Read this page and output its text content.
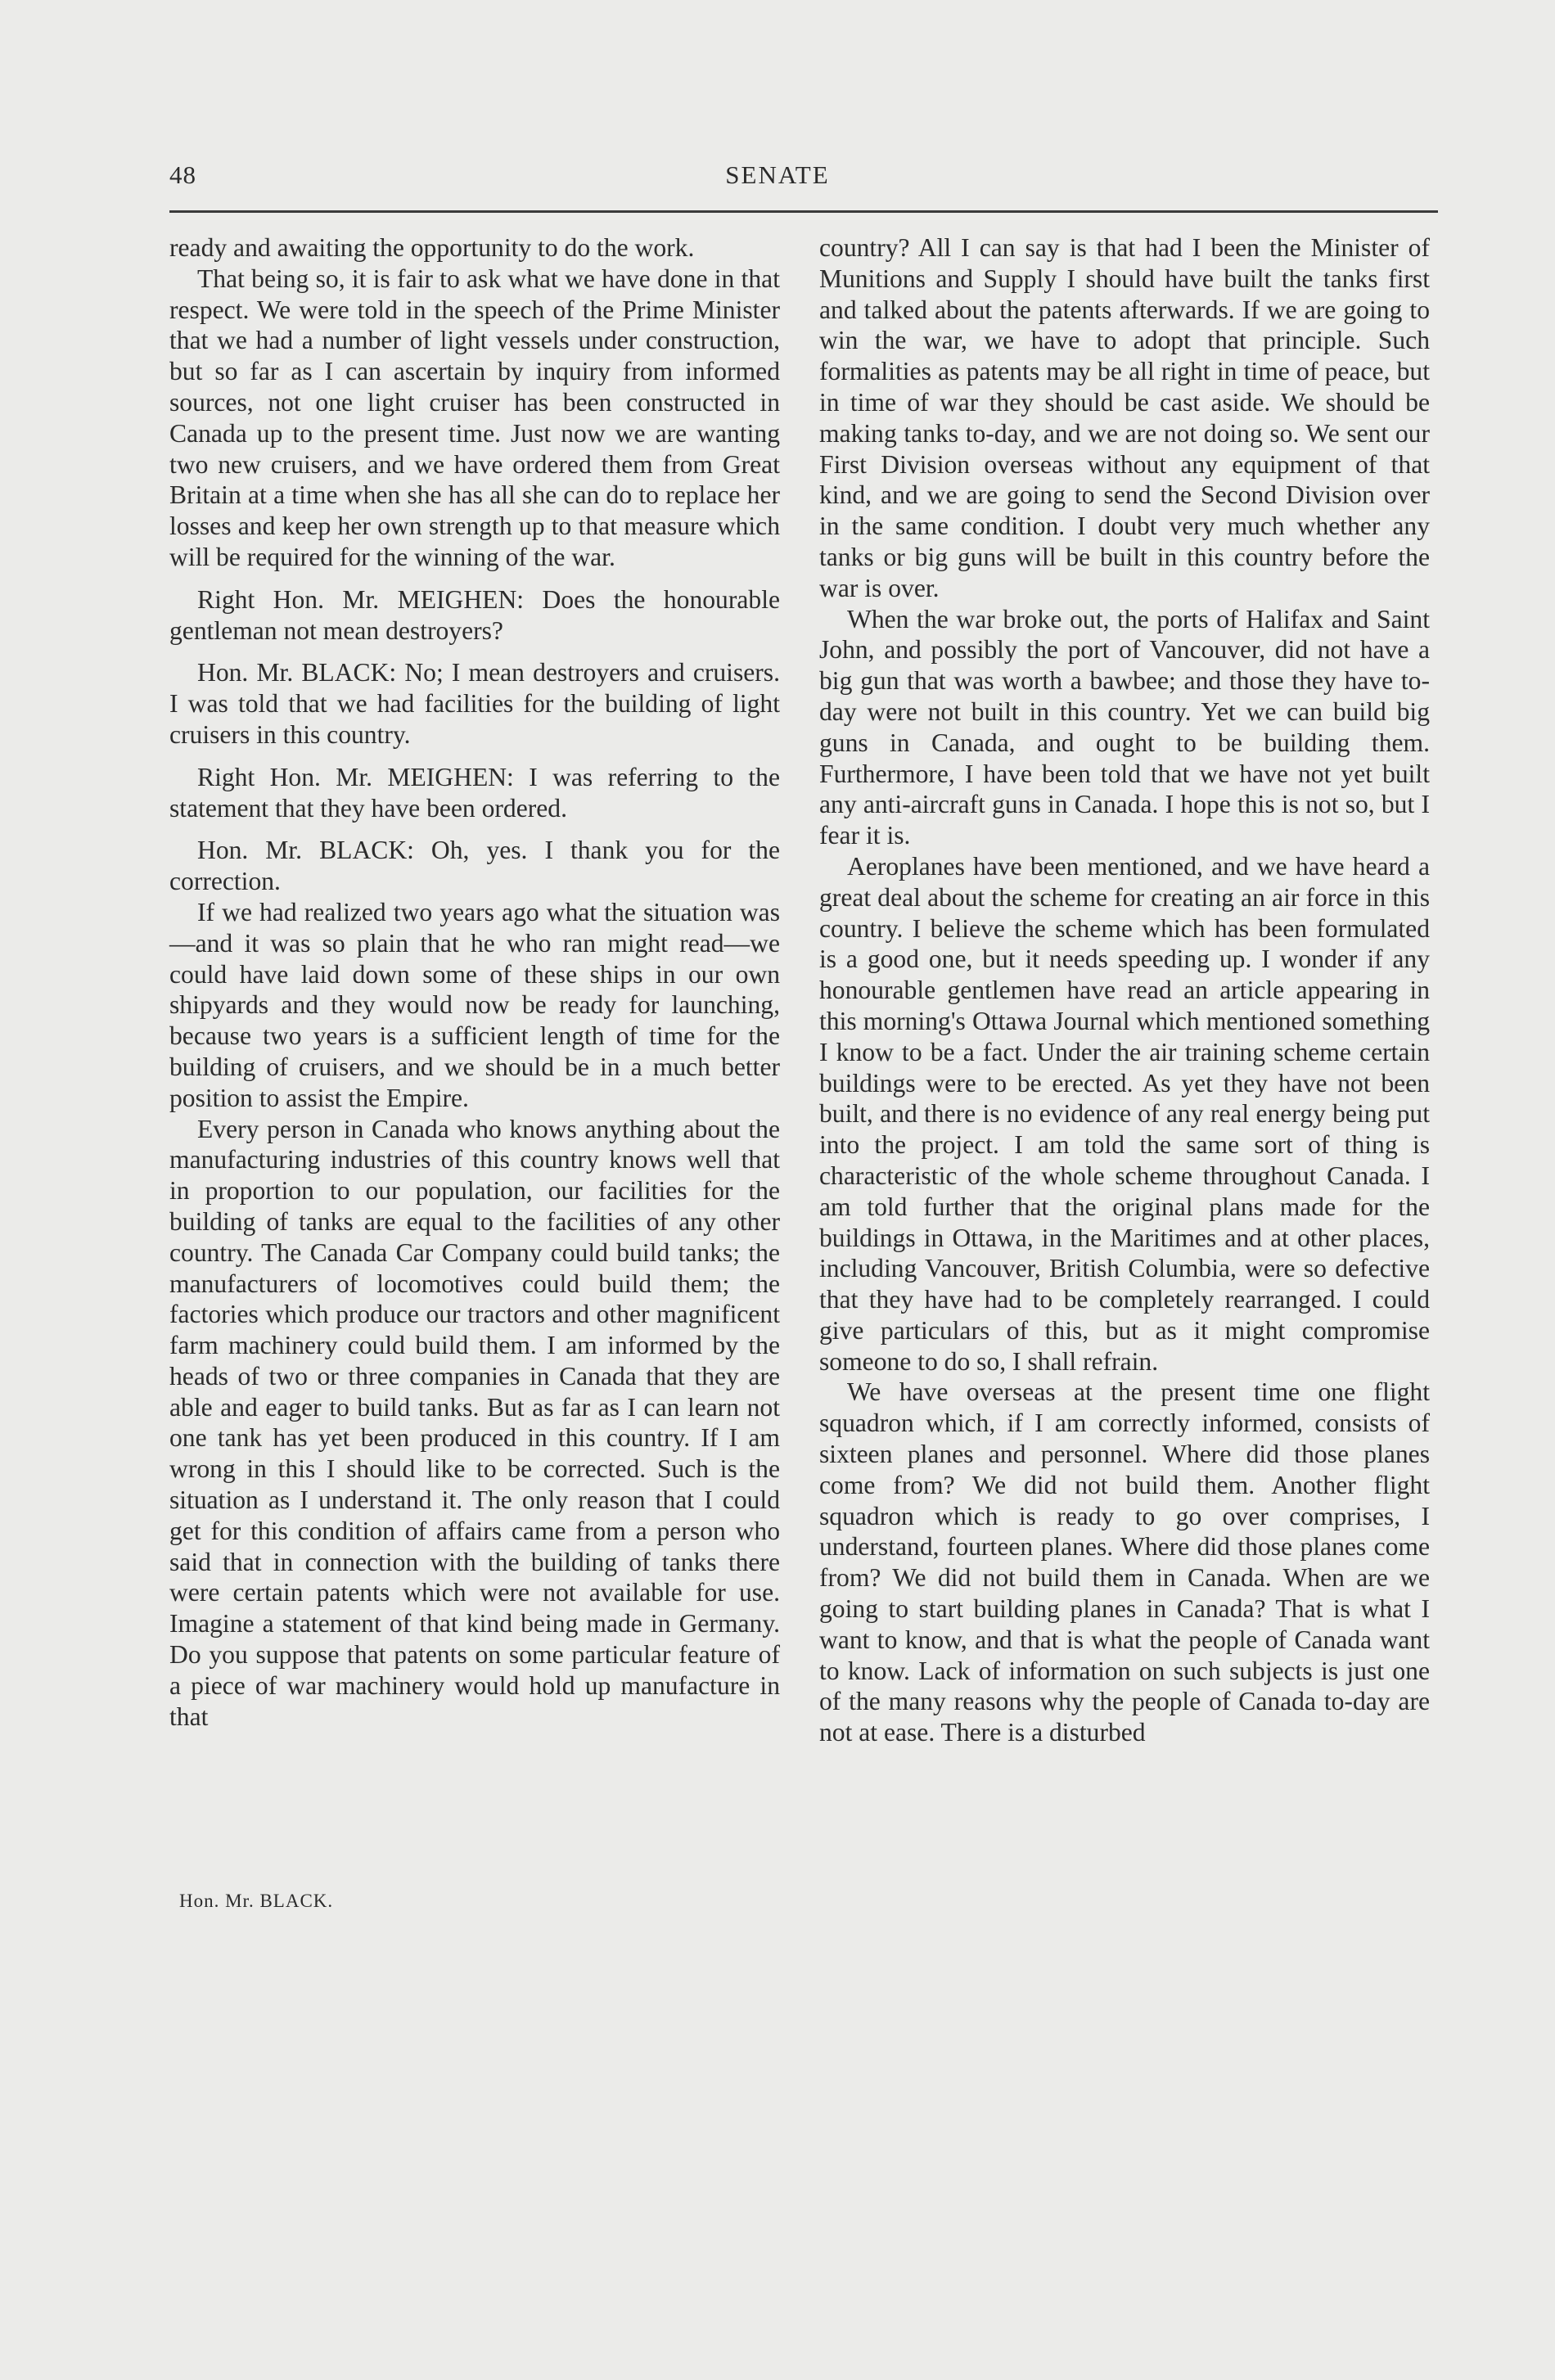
48	SENATE

ready and awaiting the opportunity to do the work.

That being so, it is fair to ask what we have done in that respect. We were told in the speech of the Prime Minister that we had a number of light vessels under construction, but so far as I can ascertain by inquiry from informed sources, not one light cruiser has been constructed in Canada up to the present time. Just now we are wanting two new cruisers, and we have ordered them from Great Britain at a time when she has all she can do to replace her losses and keep her own strength up to that measure which will be required for the winning of the war.

Right Hon. Mr. MEIGHEN: Does the honourable gentleman not mean destroyers?

Hon. Mr. BLACK: No; I mean destroyers and cruisers. I was told that we had facilities for the building of light cruisers in this country.

Right Hon. Mr. MEIGHEN: I was referring to the statement that they have been ordered.

Hon. Mr. BLACK: Oh, yes. I thank you for the correction.

If we had realized two years ago what the situation was—and it was so plain that he who ran might read—we could have laid down some of these ships in our own shipyards and they would now be ready for launching, because two years is a sufficient length of time for the building of cruisers, and we should be in a much better position to assist the Empire.

Every person in Canada who knows anything about the manufacturing industries of this country knows well that in proportion to our population, our facilities for the building of tanks are equal to the facilities of any other country. The Canada Car Company could build tanks; the manufacturers of locomotives could build them; the factories which produce our tractors and other magnificent farm machinery could build them. I am informed by the heads of two or three companies in Canada that they are able and eager to build tanks. But as far as I can learn not one tank has yet been produced in this country. If I am wrong in this I should like to be corrected. Such is the situation as I understand it. The only reason that I could get for this condition of affairs came from a person who said that in connection with the building of tanks there were certain patents which were not available for use. Imagine a statement of that kind being made in Germany. Do you suppose that patents on some particular feature of a piece of war machinery would hold up manufacture in that

country? All I can say is that had I been the Minister of Munitions and Supply I should have built the tanks first and talked about the patents afterwards. If we are going to win the war, we have to adopt that principle. Such formalities as patents may be all right in time of peace, but in time of war they should be cast aside. We should be making tanks to-day, and we are not doing so. We sent our First Division overseas without any equipment of that kind, and we are going to send the Second Division over in the same condition. I doubt very much whether any tanks or big guns will be built in this country before the war is over.

When the war broke out, the ports of Halifax and Saint John, and possibly the port of Vancouver, did not have a big gun that was worth a bawbee; and those they have to-day were not built in this country. Yet we can build big guns in Canada, and ought to be building them. Furthermore, I have been told that we have not yet built any anti-aircraft guns in Canada. I hope this is not so, but I fear it is.

Aeroplanes have been mentioned, and we have heard a great deal about the scheme for creating an air force in this country. I believe the scheme which has been formulated is a good one, but it needs speeding up. I wonder if any honourable gentlemen have read an article appearing in this morning's Ottawa Journal which mentioned something I know to be a fact. Under the air training scheme certain buildings were to be erected. As yet they have not been built, and there is no evidence of any real energy being put into the project. I am told the same sort of thing is characteristic of the whole scheme throughout Canada. I am told further that the original plans made for the buildings in Ottawa, in the Maritimes and at other places, including Vancouver, British Columbia, were so defective that they have had to be completely rearranged. I could give particulars of this, but as it might compromise someone to do so, I shall refrain.

We have overseas at the present time one flight squadron which, if I am correctly informed, consists of sixteen planes and personnel. Where did those planes come from? We did not build them. Another flight squadron which is ready to go over comprises, I understand, fourteen planes. Where did those planes come from? We did not build them in Canada. When are we going to start building planes in Canada? That is what I want to know, and that is what the people of Canada want to know. Lack of information on such subjects is just one of the many reasons why the people of Canada to-day are not at ease. There is a disturbed

Hon. Mr. BLACK.
